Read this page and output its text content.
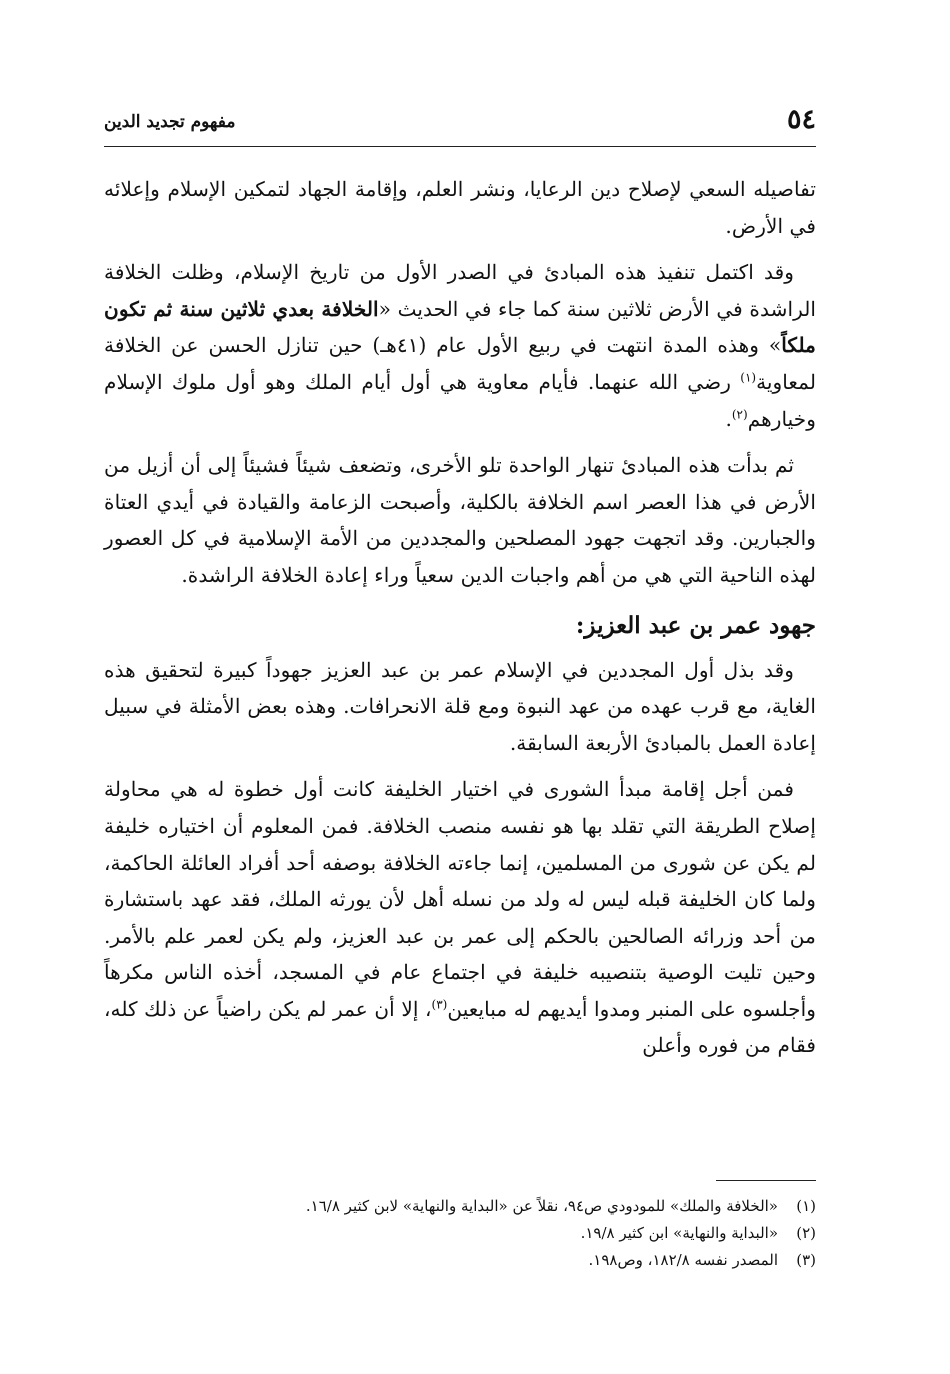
٥٤
مفهوم تجديد الدين

تفاصيله السعي لإصلاح دين الرعايا، ونشر العلم، وإقامة الجهاد لتمكين الإسلام وإعلائه في الأرض.

وقد اكتمل تنفيذ هذه المبادئ في الصدر الأول من تاريخ الإسلام، وظلت الخلافة الراشدة في الأرض ثلاثين سنة كما جاء في الحديث «الخلافة بعدي ثلاثين سنة ثم تكون ملكاً» وهذه المدة انتهت في ربيع الأول عام (٤١هـ) حين تنازل الحسن عن الخلافة لمعاوية$^{(١)}$ رضي الله عنهما. فأيام معاوية هي أول أيام الملك وهو أول ملوك الإسلام وخيارهم$^{(٢)}$.

ثم بدأت هذه المبادئ تنهار الواحدة تلو الأخرى، وتضعف شيئاً فشيئاً إلى أن أزيل من الأرض في هذا العصر اسم الخلافة بالكلية، وأصبحت الزعامة والقيادة في أيدي العتاة والجبارين. وقد اتجهت جهود المصلحين والمجددين من الأمة الإسلامية في كل العصور لهذه الناحية التي هي من أهم واجبات الدين سعياً وراء إعادة الخلافة الراشدة.

جهود عمر بن عبد العزيز:

وقد بذل أول المجددين في الإسلام عمر بن عبد العزيز جهوداً كبيرة لتحقيق هذه الغاية، مع قرب عهده من عهد النبوة ومع قلة الانحرافات. وهذه بعض الأمثلة في سبيل إعادة العمل بالمبادئ الأربعة السابقة.

فمن أجل إقامة مبدأ الشورى في اختيار الخليفة كانت أول خطوة له هي محاولة إصلاح الطريقة التي تقلد بها هو نفسه منصب الخلافة. فمن المعلوم أن اختياره خليفة لم يكن عن شورى من المسلمين، إنما جاءته الخلافة بوصفه أحد أفراد العائلة الحاكمة، ولما كان الخليفة قبله ليس له ولد من نسله أهل لأن يورثه الملك، فقد عهد باستشارة من أحد وزرائه الصالحين بالحكم إلى عمر بن عبد العزيز، ولم يكن لعمر علم بالأمر. وحين تليت الوصية بتنصيبه خليفة في اجتماع عام في المسجد، أخذه الناس مكرهاً وأجلسوه على المنبر ومدوا أيديهم له مبايعين$^{(٣)}$، إلا أن عمر لم يكن راضياً عن ذلك كله، فقام من فوره وأعلن

(١)«الخلافة والملك» للمودودي ص٩٤، نقلاً عن «البداية والنهاية» لابن كثير ١٦/٨.
(٢)«البداية والنهاية» ابن كثير ١٩/٨.
(٣)المصدر نفسه ١٨٢/٨، وص١٩٨.
